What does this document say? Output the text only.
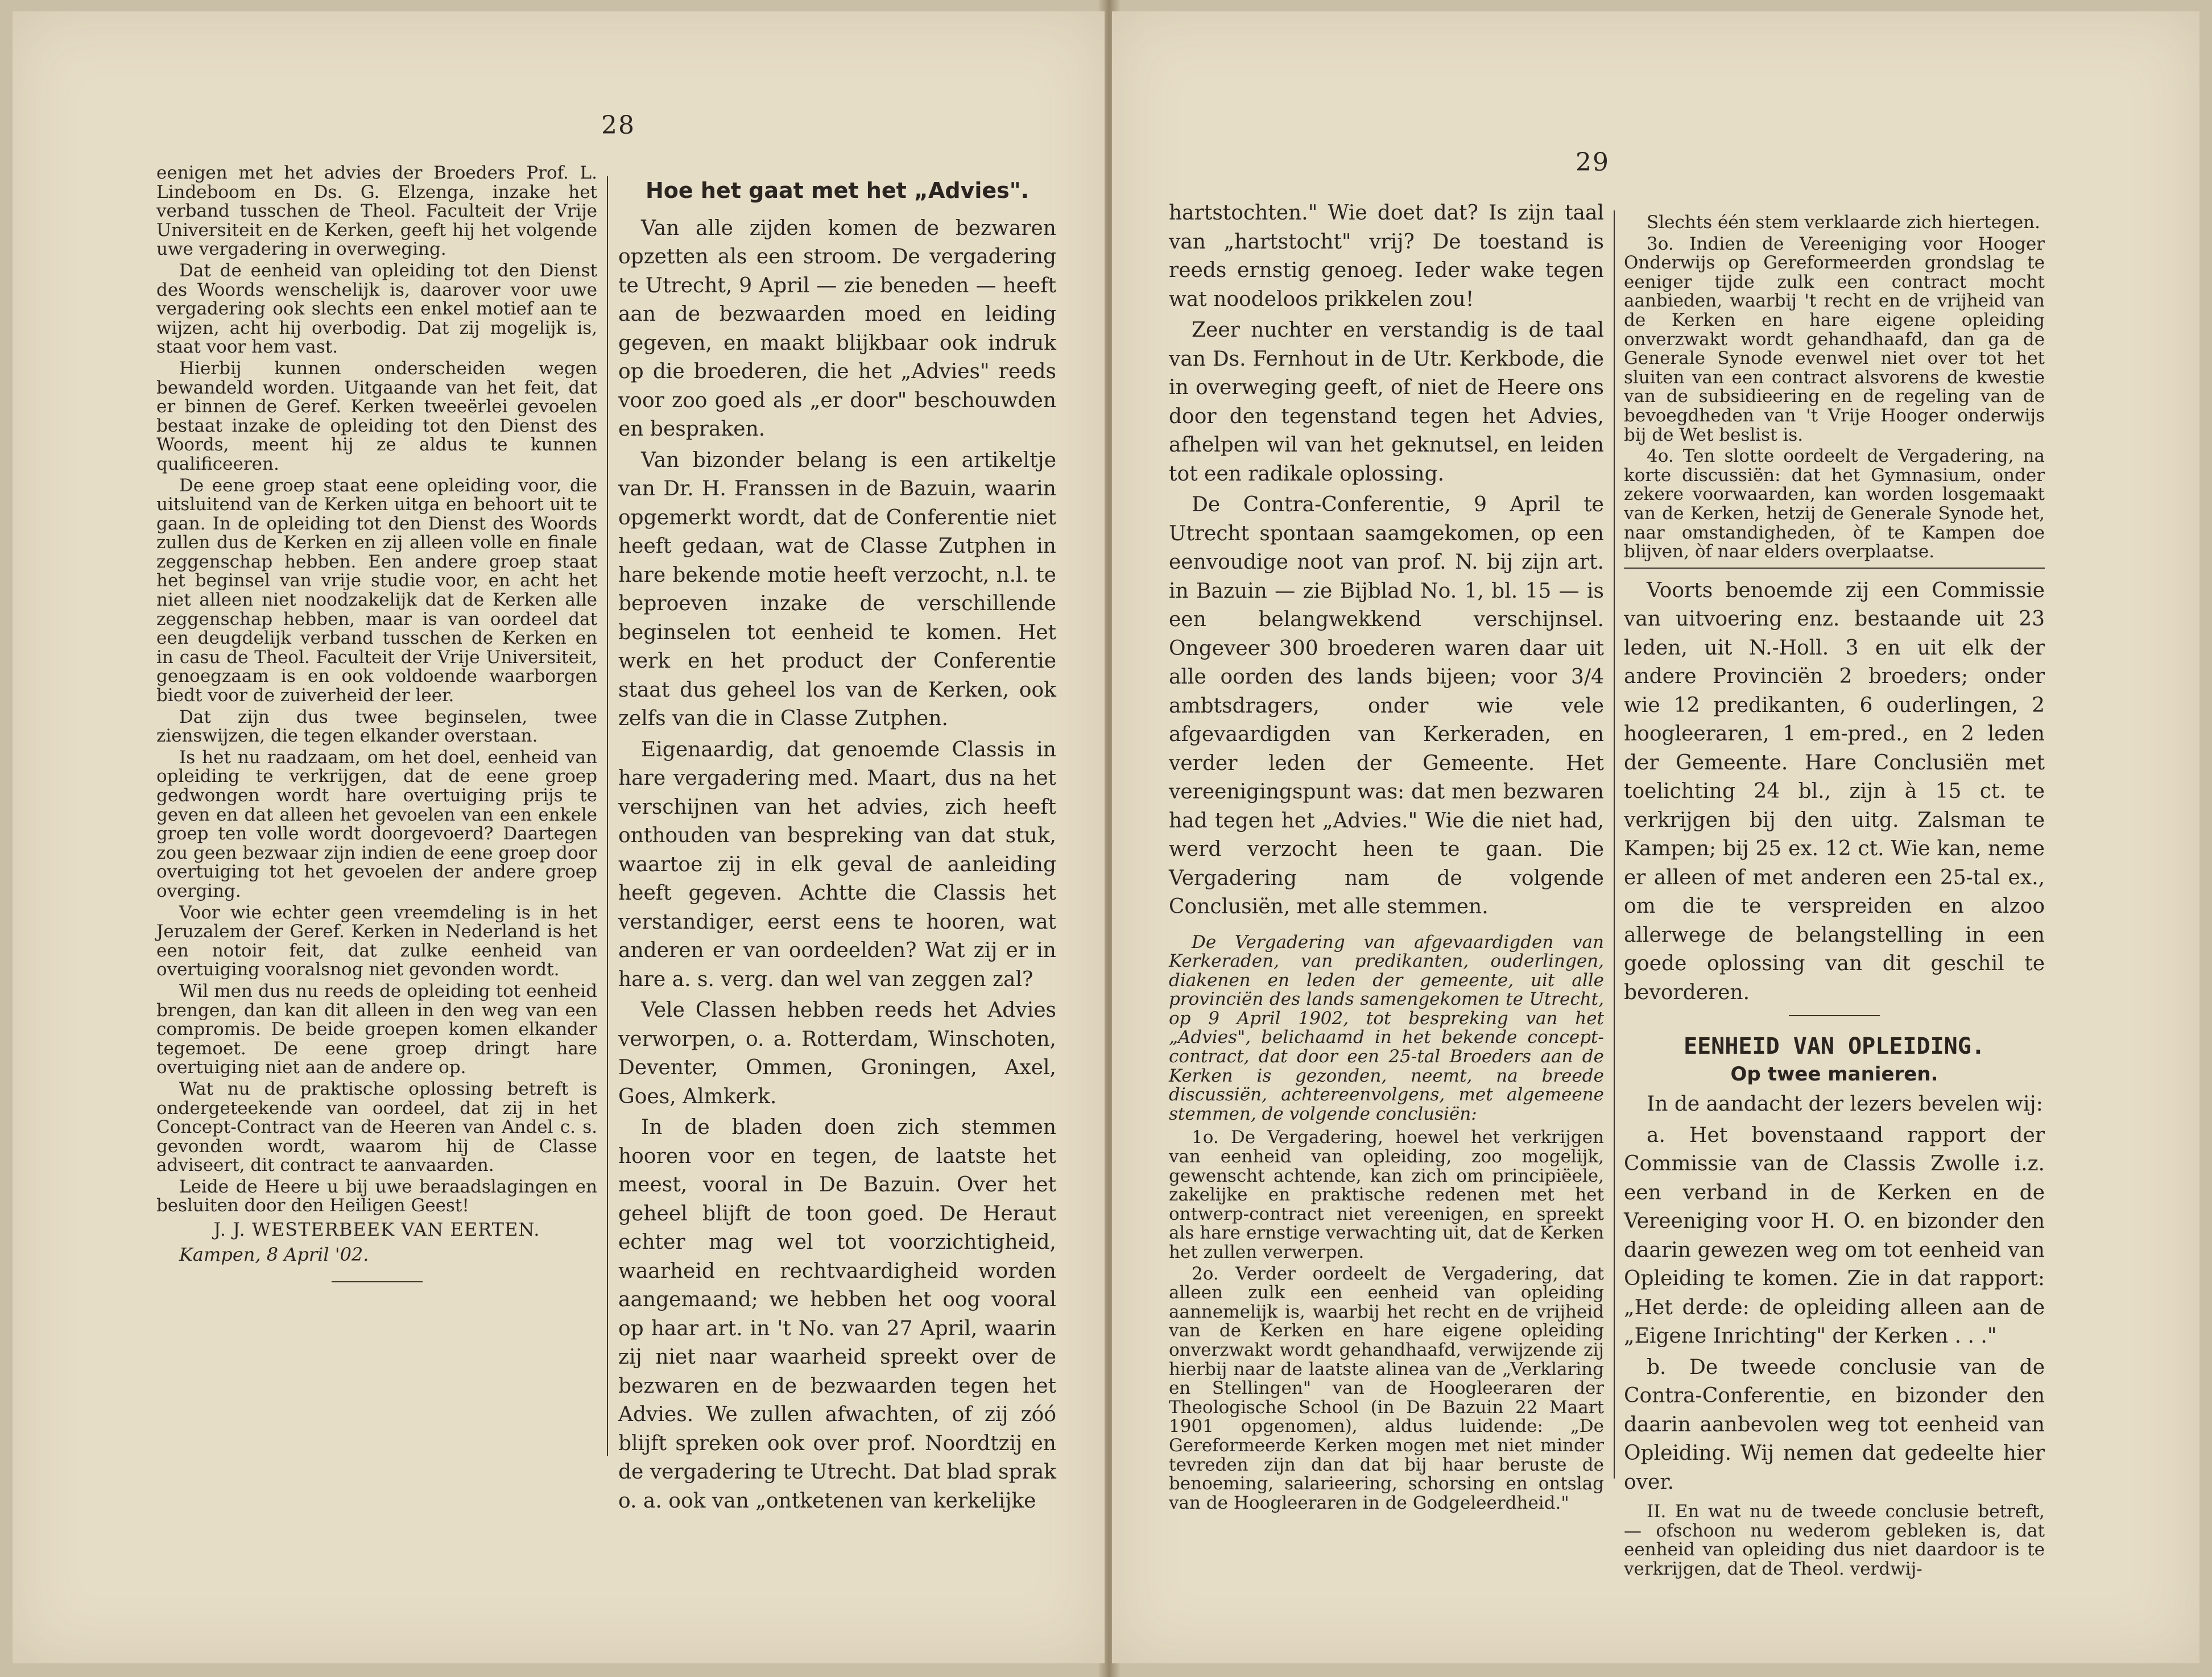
28

eenigen met het advies der Broeders Prof. L. Lindeboom en Ds. G. Elzenga, inzake het verband tusschen de Theol. Faculteit der Vrije Universiteit en de Kerken, geeft hij het volgende uwe vergadering in overweging.

Dat de eenheid van opleiding tot den Dienst des Woords wenschelijk is, daarover voor uwe vergadering ook slechts een enkel motief aan te wijzen, acht hij overbodig. Dat zij mogelijk is, staat voor hem vast.

Hierbij kunnen onderscheiden wegen bewandeld worden. Uitgaande van het feit, dat er binnen de Geref. Kerken tweeërlei gevoelen bestaat inzake de opleiding tot den Dienst des Woords, meent hij ze aldus te kunnen qualificeeren.

De eene groep staat eene opleiding voor, die uitsluitend van de Kerken uitga en behoort uit te gaan. In de opleiding tot den Dienst des Woords zullen dus de Kerken en zij alleen volle en finale zeggenschap hebben. Een andere groep staat het beginsel van vrije studie voor, en acht het niet alleen niet noodzakelijk dat de Kerken alle zeggenschap hebben, maar is van oordeel dat een deugdelijk verband tusschen de Kerken en in casu de Theol. Faculteit der Vrije Universiteit, genoegzaam is en ook voldoende waarborgen biedt voor de zuiverheid der leer.

Dat zijn dus twee beginselen, twee zienswijzen, die tegen elkander overstaan.

Is het nu raadzaam, om het doel, eenheid van opleiding te verkrijgen, dat de eene groep gedwongen wordt hare overtuiging prijs te geven en dat alleen het gevoelen van een enkele groep ten volle wordt doorgevoerd? Daartegen zou geen bezwaar zijn indien de eene groep door overtuiging tot het gevoelen der andere groep overging.

Voor wie echter geen vreemdeling is in het Jeruzalem der Geref. Kerken in Nederland is het een notoir feit, dat zulke eenheid van overtuiging vooralsnog niet gevonden wordt.

Wil men dus nu reeds de opleiding tot eenheid brengen, dan kan dit alleen in den weg van een compromis. De beide groepen komen elkander tegemoet. De eene groep dringt hare overtuiging niet aan de andere op.

Wat nu de praktische oplossing betreft is ondergeteekende van oordeel, dat zij in het Concept-Contract van de Heeren van Andel c. s. gevonden wordt, waarom hij de Classe adviseert, dit contract te aanvaarden.

Leide de Heere u bij uwe beraadslagingen en besluiten door den Heiligen Geest!

J. J. WESTERBEEK VAN EERTEN.
Kampen, 8 April '02.
Hoe het gaat met het „Advies".

Van alle zijden komen de bezwaren opzetten als een stroom. De vergadering te Utrecht, 9 April — zie beneden — heeft aan de bezwaarden moed en leiding gegeven, en maakt blijkbaar ook indruk op die broederen, die het „Advies" reeds voor zoo goed als „er door" beschouwden en bespraken.

Van bizonder belang is een artikeltje van Dr. H. Franssen in de Bazuin, waarin opgemerkt wordt, dat de Conferentie niet heeft gedaan, wat de Classe Zutphen in hare bekende motie heeft verzocht, n.l. te beproeven inzake de verschillende beginselen tot eenheid te komen. Het werk en het product der Conferentie staat dus geheel los van de Kerken, ook zelfs van die in Classe Zutphen.

Eigenaardig, dat genoemde Classis in hare vergadering med. Maart, dus na het verschijnen van het advies, zich heeft onthouden van bespreking van dat stuk, waartoe zij in elk geval de aanleiding heeft gegeven. Achtte die Classis het verstandiger, eerst eens te hooren, wat anderen er van oordeelden? Wat zij er in hare a. s. verg. dan wel van zeggen zal?

Vele Classen hebben reeds het Advies verworpen, o. a. Rotterdam, Winschoten, Deventer, Ommen, Groningen, Axel, Goes, Almkerk.

In de bladen doen zich stemmen hooren voor en tegen, de laatste het meest, vooral in De Bazuin. Over het geheel blijft de toon goed. De Heraut echter mag wel tot voorzichtigheid, waarheid en rechtvaardigheid worden aangemaand; we hebben het oog vooral op haar art. in 't No. van 27 April, waarin zij niet naar waarheid spreekt over de bezwaren en de bezwaarden tegen het Advies. We zullen afwachten, of zij zóó blijft spreken ook over prof. Noordtzij en de vergadering te Utrecht. Dat blad sprak o. a. ook van „ontketenen van kerkelijke

29

hartstochten." Wie doet dat? Is zijn taal van „hartstocht" vrij? De toestand is reeds ernstig genoeg. Ieder wake tegen wat noodeloos prikkelen zou!

Zeer nuchter en verstandig is de taal van Ds. Fernhout in de Utr. Kerkbode, die in overweging geeft, of niet de Heere ons door den tegenstand tegen het Advies, afhelpen wil van het geknutsel, en leiden tot een radikale oplossing.

De Contra-Conferentie, 9 April te Utrecht spontaan saamgekomen, op een eenvoudige noot van prof. N. bij zijn art. in Bazuin — zie Bijblad No. 1, bl. 15 — is een belangwekkend verschijnsel. Ongeveer 300 broederen waren daar uit alle oorden des lands bijeen; voor 3/4 ambtsdragers, onder wie vele afgevaardigden van Kerkeraden, en verder leden der Gemeente. Het vereenigingspunt was: dat men bezwaren had tegen het „Advies." Wie die niet had, werd verzocht heen te gaan. Die Vergadering nam de volgende Conclusiën, met alle stemmen.

De Vergadering van afgevaardigden van Kerkeraden, van predikanten, ouderlingen, diakenen en leden der gemeente, uit alle provinciën des lands samengekomen te Utrecht, op 9 April 1902, tot bespreking van het „Advies", belichaamd in het bekende concept-contract, dat door een 25-tal Broeders aan de Kerken is gezonden, neemt, na breede discussiën, achtereenvolgens, met algemeene stemmen, de volgende conclusiën:

1o. De Vergadering, hoewel het verkrijgen van eenheid van opleiding, zoo mogelijk, gewenscht achtende, kan zich om principiëele, zakelijke en praktische redenen met het ontwerp-contract niet vereenigen, en spreekt als hare ernstige verwachting uit, dat de Kerken het zullen verwerpen.

2o. Verder oordeelt de Vergadering, dat alleen zulk een eenheid van opleiding aannemelijk is, waarbij het recht en de vrijheid van de Kerken en hare eigene opleiding onverzwakt wordt gehandhaafd, verwijzende zij hierbij naar de laatste alinea van de „Verklaring en Stellingen" van de Hoogleeraren der Theologische School (in De Bazuin 22 Maart 1901 opgenomen), aldus luidende: „De Gereformeerde Kerken mogen met niet minder tevreden zijn dan dat bij haar beruste de benoeming, salarieering, schorsing en ontslag van de Hoogleeraren in de Godgeleerdheid."

Slechts één stem verklaarde zich hiertegen.

3o. Indien de Vereeniging voor Hooger Onderwijs op Gereformeerden grondslag te eeniger tijde zulk een contract mocht aanbieden, waarbij 't recht en de vrijheid van de Kerken en hare eigene opleiding onverzwakt wordt gehandhaafd, dan ga de Generale Synode evenwel niet over tot het sluiten van een contract alsvorens de kwestie van de subsidieering en de regeling van de bevoegdheden van 't Vrije Hooger onderwijs bij de Wet beslist is.

4o. Ten slotte oordeelt de Vergadering, na korte discussiën: dat het Gymnasium, onder zekere voorwaarden, kan worden losgemaakt van de Kerken, hetzij de Generale Synode het, naar omstandigheden, òf te Kampen doe blijven, òf naar elders overplaatse.

Voorts benoemde zij een Commissie van uitvoering enz. bestaande uit 23 leden, uit N.-Holl. 3 en uit elk der andere Provinciën 2 broeders; onder wie 12 predikanten, 6 ouderlingen, 2 hoogleeraren, 1 em-pred., en 2 leden der Gemeente. Hare Conclusiën met toelichting 24 bl., zijn à 15 ct. te verkrijgen bij den uitg. Zalsman te Kampen; bij 25 ex. 12 ct. Wie kan, neme er alleen of met anderen een 25-tal ex., om die te verspreiden en alzoo allerwege de belangstelling in een goede oplossing van dit geschil te bevorderen.

EENHEID VAN OPLEIDING.
Op twee manieren.

In de aandacht der lezers bevelen wij:

a. Het bovenstaand rapport der Commissie van de Classis Zwolle i.z. een verband in de Kerken en de Vereeniging voor H. O. en bizonder den daarin gewezen weg om tot eenheid van Opleiding te komen. Zie in dat rapport: „Het derde: de opleiding alleen aan de „Eigene Inrichting" der Kerken . . ."

b. De tweede conclusie van de Contra-Conferentie, en bizonder den daarin aanbevolen weg tot eenheid van Opleiding. Wij nemen dat gedeelte hier over.

II. En wat nu de tweede conclusie betreft, — ofschoon nu wederom gebleken is, dat eenheid van opleiding dus niet daardoor is te verkrijgen, dat de Theol. verdwij-
